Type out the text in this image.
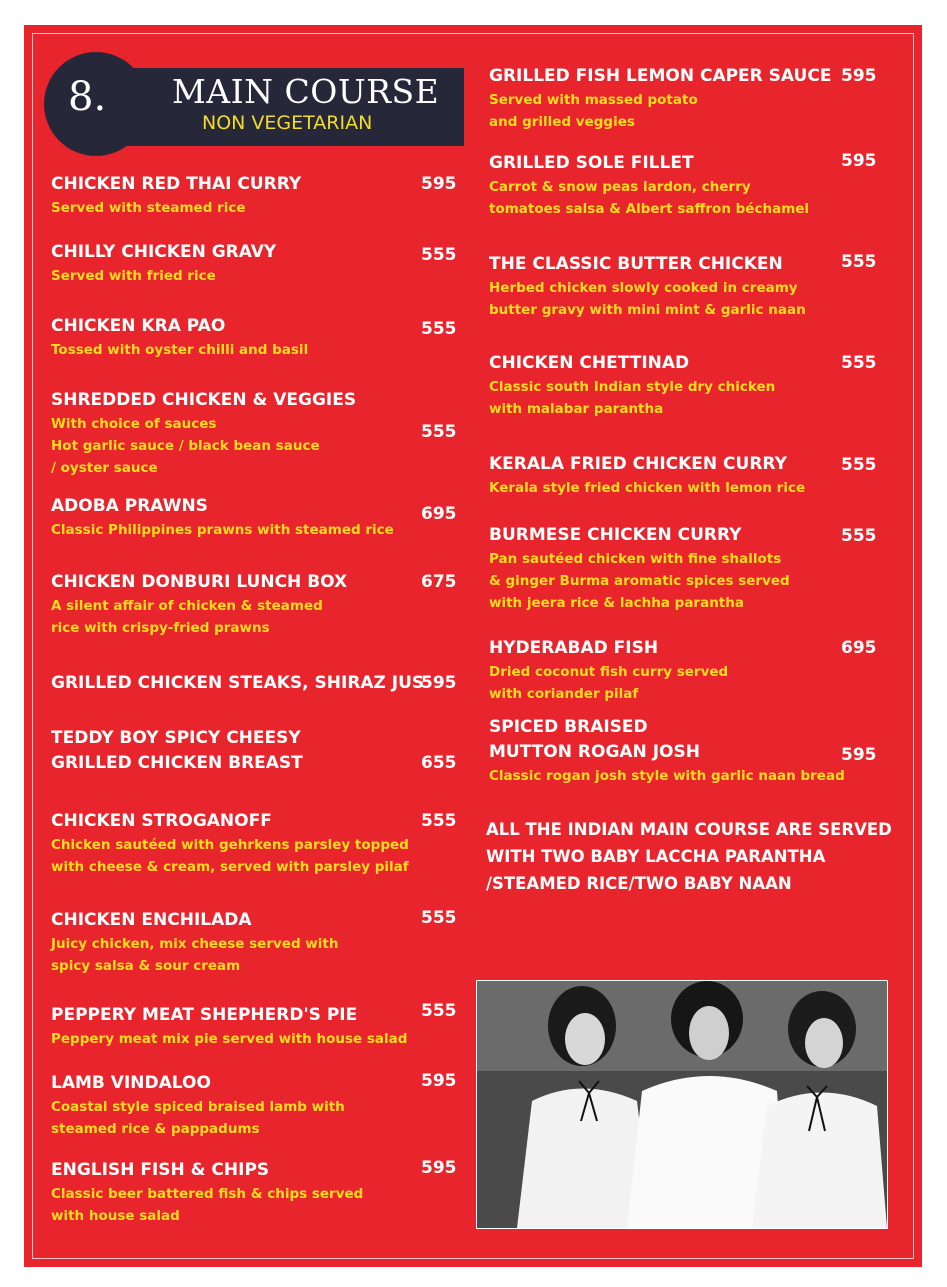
8. MAIN COURSE
NON VEGETARIAN
CHICKEN RED THAI CURRY
Served with steamed rice
CHILLY CHICKEN GRAVY
Served with fried rice
CHICKEN KRA PAO
Tossed with oyster chilli and basil
SHREDDED CHICKEN & VEGGIES
With choice of sauces
Hot garlic sauce / black bean sauce
/ oyster sauce
ADOBA PRAWNS
Classic Philippines prawns with steamed rice
CHICKEN DONBURI LUNCH BOX
A silent affair of chicken & steamed
rice with crispy-fried prawns
GRILLED CHICKEN STEAKS, SHIRAZ JUS
TEDDY BOY SPICY CHEESY
GRILLED CHICKEN BREAST
CHICKEN STROGANOFF
Chicken sautéed with gehrkens parsley topped
with cheese & cream, served with parsley pilaf
CHICKEN ENCHILADA
Juicy chicken, mix cheese served with
spicy salsa & sour cream
PEPPERY MEAT SHEPHERD'S PIE
Peppery meat mix pie served with house salad
LAMB VINDALOO
Coastal style spiced braised lamb with
steamed rice & pappadums
ENGLISH FISH & CHIPS
Classic beer battered fish & chips served
with house salad
GRILLED FISH LEMON CAPER SAUCE
Served with massed potato
and grilled veggies
GRILLED SOLE FILLET
Carrot & snow peas lardon, cherry
tomatoes salsa & Albert saffron béchamel
THE CLASSIC BUTTER CHICKEN
Herbed chicken slowly cooked in creamy
butter gravy with mini mint & garlic naan
CHICKEN CHETTINAD
Classic south Indian style dry chicken
with malabar parantha
KERALA FRIED CHICKEN CURRY
Kerala style fried chicken with lemon rice
BURMESE CHICKEN CURRY
Pan sautéed chicken with fine shallots
& ginger Burma aromatic spices served
with jeera rice & lachha parantha
HYDERABAD FISH
Dried coconut fish curry served
with coriander pilaf
SPICED BRAISED
MUTTON ROGAN JOSH
Classic rogan josh style with garlic naan bread
ALL THE INDIAN MAIN COURSE ARE SERVED
WITH TWO BABY LACCHA PARANTHA
/STEAMED RICE/TWO BABY NAAN
595
555
555
555
695
675
595
655
555
555
555
595
595
595
595
555
555
555
555
695
595
